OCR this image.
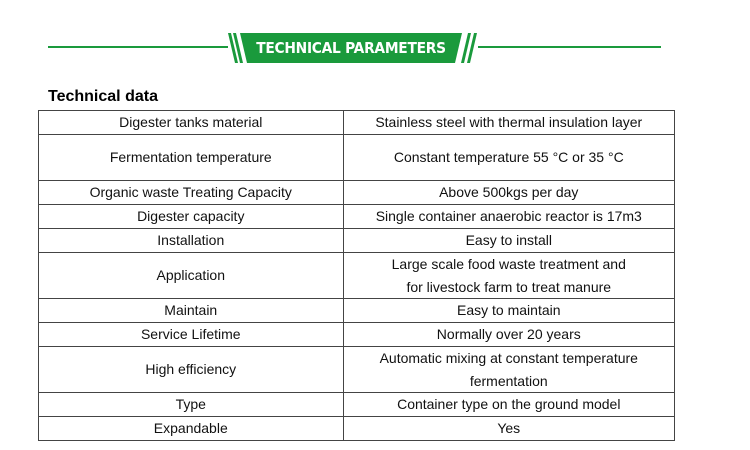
TECHNICAL PARAMETERS
Technical data
Digester tanks material	Stainless steel with thermal insulation layer
Fermentation temperature	Constant temperature 55 °C or 35 °C
Organic waste Treating Capacity	Above 500kgs per day
Digester capacity	Single container anaerobic reactor is 17m3
Installation	Easy to install
Application	Large scale food waste treatment and
for livestock farm to treat manure

Maintain	Easy to maintain
Service Lifetime	Normally over 20 years
High efficiency	Automatic mixing at constant temperature
fermentation

Type	Container type on the ground model
Expandable	Yes
